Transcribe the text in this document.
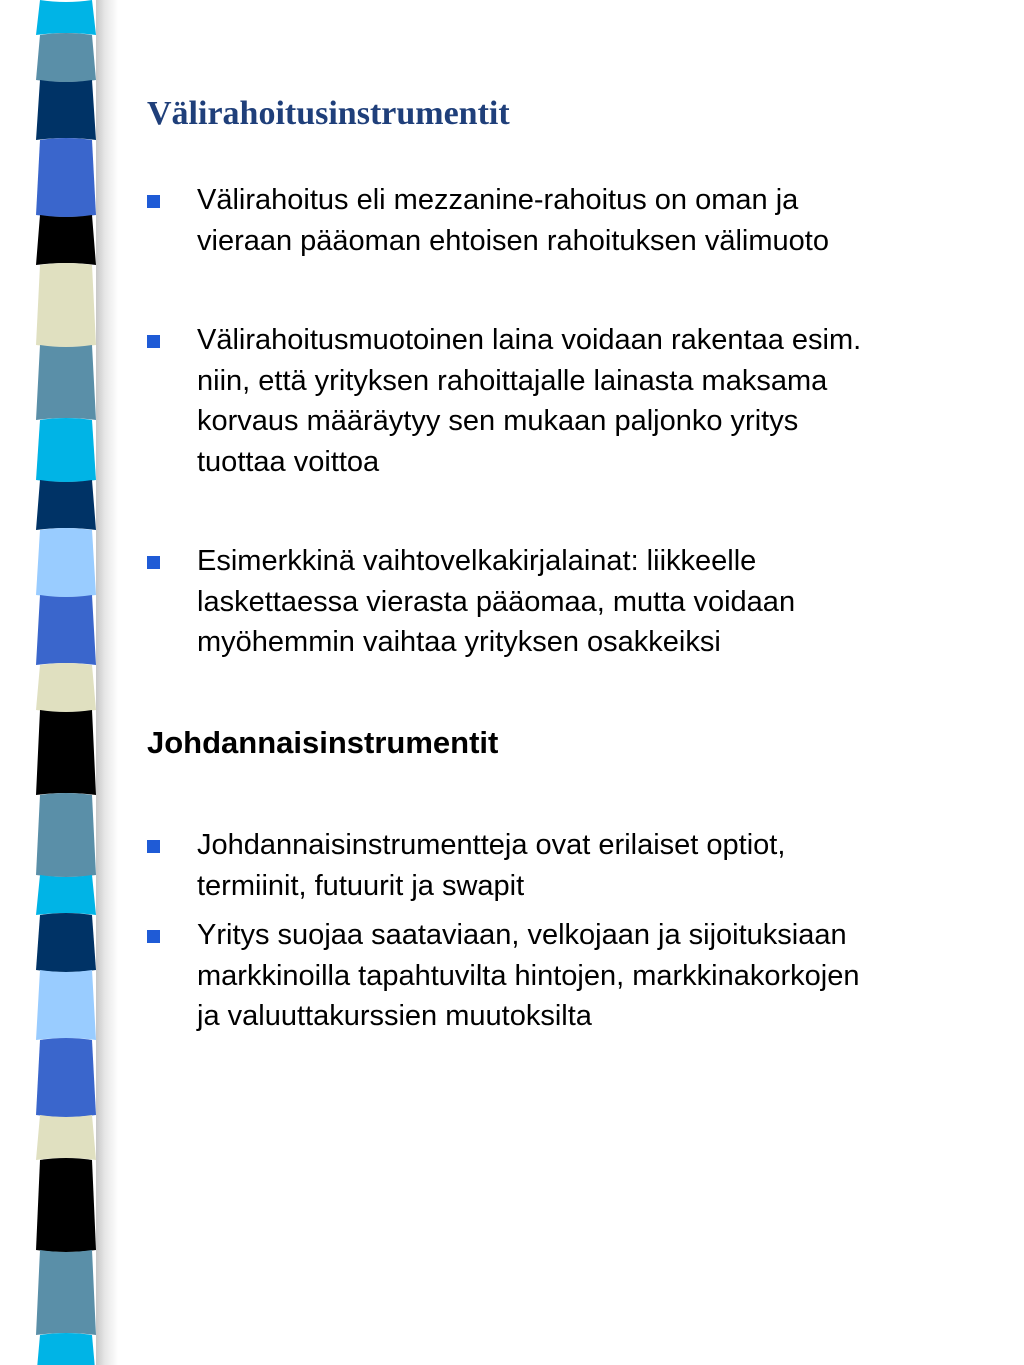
Välirahoitusinstrumentit

Välirahoitus eli mezzanine-rahoitus on oman ja
vieraan pääoman ehtoisen rahoituksen välimuoto

Välirahoitusmuotoinen laina voidaan rakentaa esim.
niin, että yrityksen rahoittajalle lainasta maksama
korvaus määräytyy sen mukaan paljonko yritys
tuottaa voittoa

Esimerkkinä vaihtovelkakirjalainat: liikkeelle
laskettaessa vierasta pääomaa, mutta voidaan
myöhemmin vaihtaa yrityksen osakkeiksi

Johdannaisinstrumentit

Johdannaisinstrumentteja ovat erilaiset optiot,
termiinit, futuurit ja swapit

Yritys suojaa saataviaan, velkojaan ja sijoituksiaan
markkinoilla tapahtuvilta hintojen, markkinakorkojen
ja valuuttakurssien muutoksilta
